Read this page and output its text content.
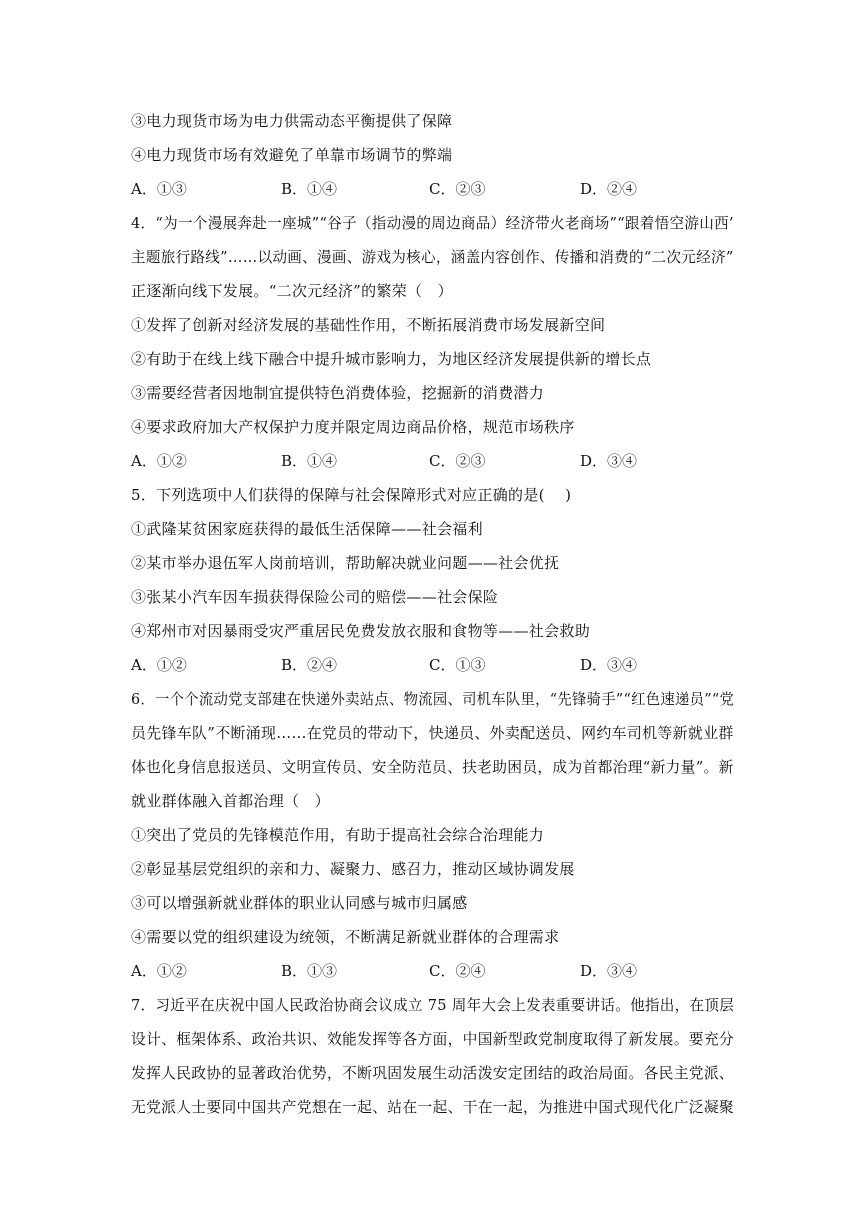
③电力现货市场为电力供需动态平衡提供了保障
④电力现货市场有效避免了单靠市场调节的弊端
A．①③	B．①④	C．②③	D．②④
4．“为一个漫展奔赴一座城”“谷子（指动漫的周边商品）经济带火老商场”“跟着悟空游山西’
主题旅行路线”……以动画、漫画、游戏为核心，涵盖内容创作、传播和消费的“二次元经济”
正逐渐向线下发展。“二次元经济”的繁荣（　）
①发挥了创新对经济发展的基础性作用，不断拓展消费市场发展新空间
②有助于在线上线下融合中提升城市影响力，为地区经济发展提供新的增长点
③需要经营者因地制宜提供特色消费体验，挖掘新的消费潜力
④要求政府加大产权保护力度并限定周边商品价格，规范市场秩序
A．①②	B．①④	C．②③	D．③④
5．下列选项中人们获得的保障与社会保障形式对应正确的是(　 )
①武隆某贫困家庭获得的最低生活保障——社会福利
②某市举办退伍军人岗前培训，帮助解决就业问题——社会优抚
③张某小汽车因车损获得保险公司的赔偿——社会保险
④郑州市对因暴雨受灾严重居民免费发放衣服和食物等——社会救助
A．①②	B．②④	C．①③	D．③④
6．一个个流动党支部建在快递外卖站点、物流园、司机车队里，“先锋骑手”“红色速递员”“党
员先锋车队”不断涌现……在党员的带动下，快递员、外卖配送员、网约车司机等新就业群
体也化身信息报送员、文明宣传员、安全防范员、扶老助困员，成为首都治理“新力量”。新
就业群体融入首都治理（　）
①突出了党员的先锋模范作用，有助于提高社会综合治理能力
②彰显基层党组织的亲和力、凝聚力、感召力，推动区域协调发展
③可以增强新就业群体的职业认同感与城市归属感
④需要以党的组织建设为统领，不断满足新就业群体的合理需求
A．①②	B．①③	C．②④	D．③④
7．习近平在庆祝中国人民政治协商会议成立 75 周年大会上发表重要讲话。他指出，在顶层
设计、框架体系、政治共识、效能发挥等各方面，中国新型政党制度取得了新发展。要充分
发挥人民政协的显著政治优势，不断巩固发展生动活泼安定团结的政治局面。各民主党派、
无党派人士要同中国共产党想在一起、站在一起、干在一起，为推进中国式现代化广泛凝聚
